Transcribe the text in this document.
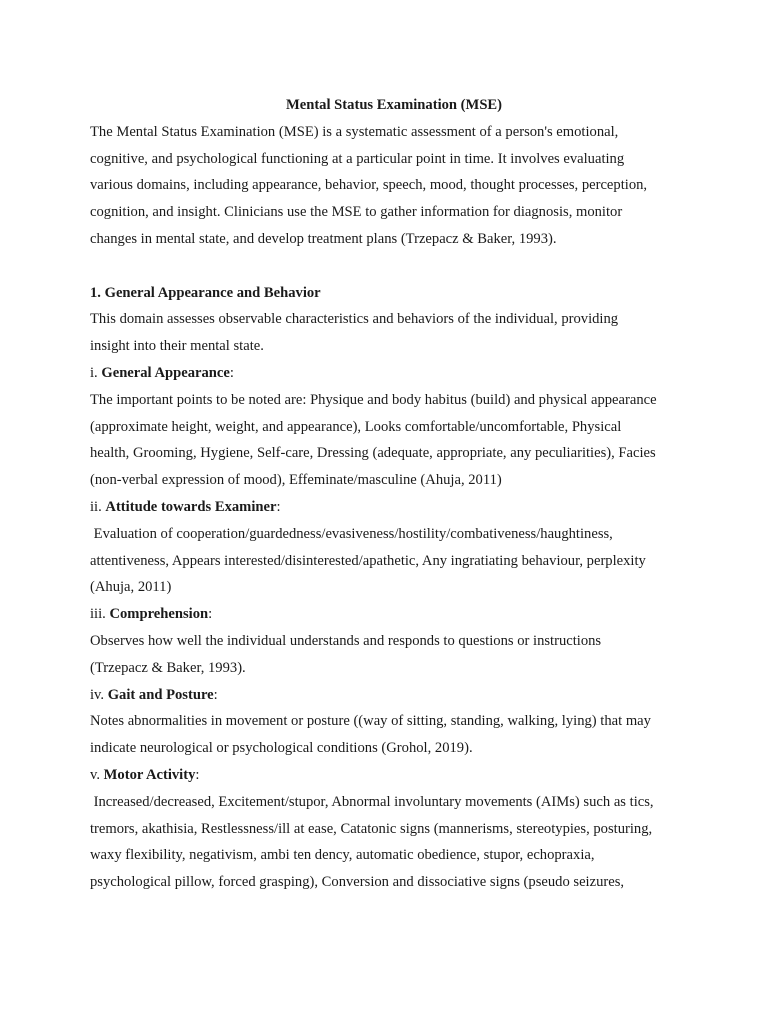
Mental Status Examination (MSE)

The Mental Status Examination (MSE) is a systematic assessment of a person's emotional,

cognitive, and psychological functioning at a particular point in time. It involves evaluating

various domains, including appearance, behavior, speech, mood, thought processes, perception,

cognition, and insight. Clinicians use the MSE to gather information for diagnosis, monitor

changes in mental state, and develop treatment plans (Trzepacz & Baker, 1993).

1. General Appearance and Behavior

This domain assesses observable characteristics and behaviors of the individual, providing

insight into their mental state.

i. General Appearance:

The important points to be noted are: Physique and body habitus (build) and physical appearance

(approximate height, weight, and appearance), Looks comfortable/uncomfortable, Physical

health, Grooming, Hygiene, Self-care, Dressing (adequate, appropriate, any peculiarities), Facies

(non-verbal expression of mood), Effeminate/masculine (Ahuja, 2011)

ii. Attitude towards Examiner:

Evaluation of cooperation/guardedness/evasiveness/hostility/combativeness/haughtiness,

attentiveness, Appears interested/disinterested/apathetic, Any ingratiating behaviour, perplexity

(Ahuja, 2011)

iii. Comprehension:

Observes how well the individual understands and responds to questions or instructions

(Trzepacz & Baker, 1993).

iv. Gait and Posture:

Notes abnormalities in movement or posture ((way of sitting, standing, walking, lying) that may

indicate neurological or psychological conditions (Grohol, 2019).

v. Motor Activity:

Increased/decreased, Excitement/stupor, Abnormal involuntary movements (AIMs) such as tics,

tremors, akathisia, Restlessness/ill at ease, Catatonic signs (mannerisms, stereotypies, posturing,

waxy flexibility, negativism, ambi ten dency, automatic obedience, stupor, echopraxia,

psychological pillow, forced grasping), Conversion and dissociative signs (pseudo seizures,
